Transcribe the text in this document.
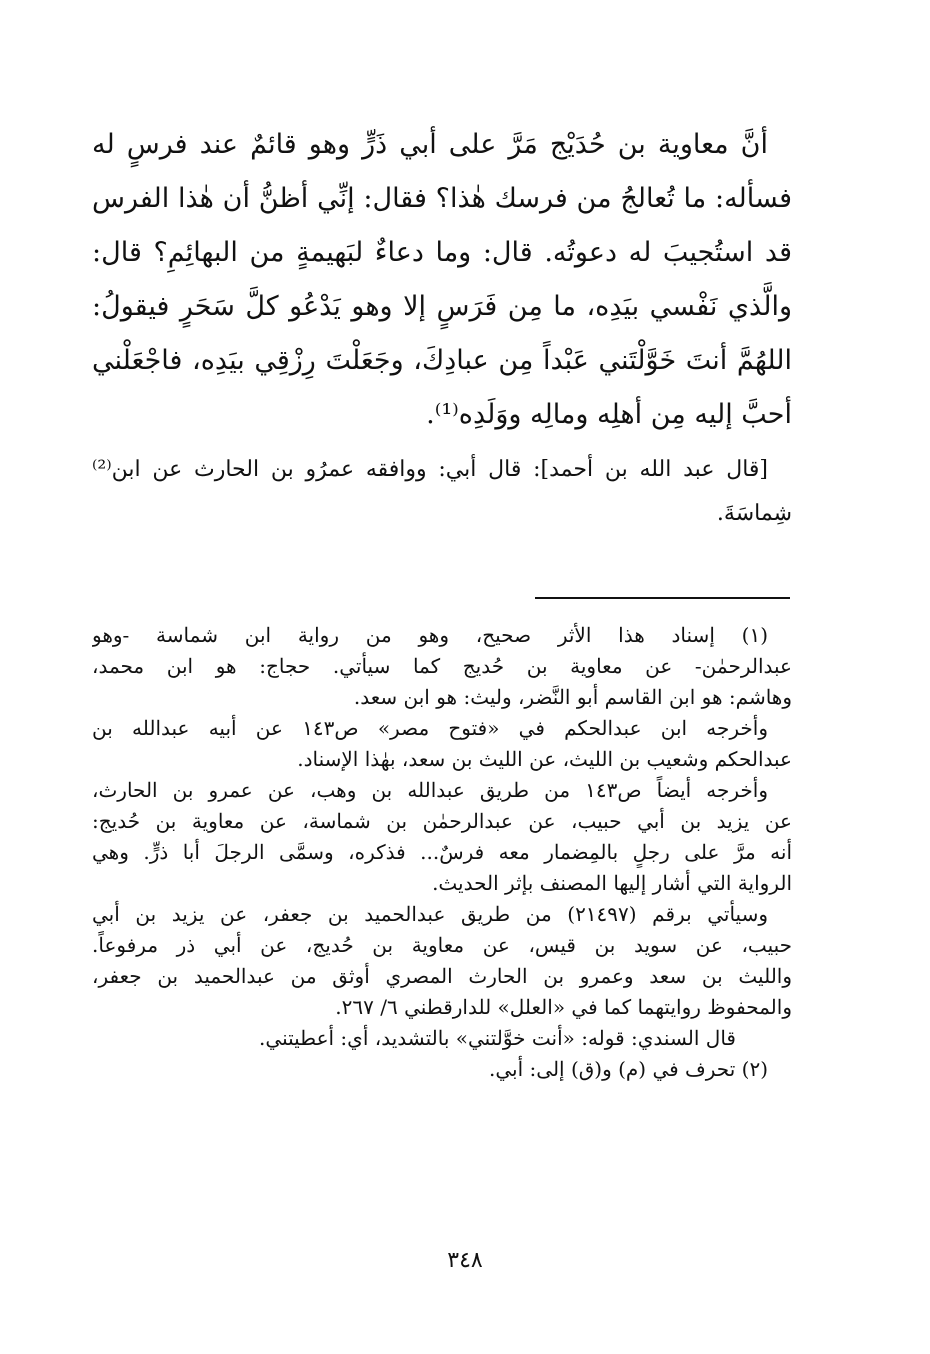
أنَّ معاوية بن حُدَيْج مَرَّ على أبي ذَرٍّ وهو قائمٌ عند فرسٍ له
فسأله: ما تُعالجُ من فرسك هٰذا؟ فقال: إنِّي أظنُّ أن هٰذا الفرس
قد استُجيبَ له دعوتُه. قال: وما دعاءٌ لبَهيمةٍ من البهائِمِ؟ قال:
والَّذي نَفْسي بيَدِه، ما مِن فَرَسٍ إلا وهو يَدْعُو كلَّ سَحَرٍ فيقولُ:
اللهُمَّ أنتَ خَوَّلْتَني عَبْداً مِن عبادِكَ، وجَعَلْتَ رِزْقِي بيَدِه، فاجْعَلْني
أحبَّ إليه مِن أهلِه ومالِه ووَلَدِه⁽¹⁾.
[قال عبد الله بن أحمد]: قال أبي: ووافقه عمرُو بن الحارث عن ابن⁽²⁾
شِماسَةَ.
(١) إسناد هذا الأثر صحيح، وهو من رواية ابن شماسة -وهو
عبدالرحمٰن- عن معاوية بن حُديج كما سيأتي. حجاج: هو ابن محمد،
وهاشم: هو ابن القاسم أبو النَّضر، وليث: هو ابن سعد.
وأخرجه ابن عبدالحكم في «فتوح مصر» ص١٤٣ عن أبيه عبدالله بن
عبدالحكم وشعيب بن الليث، عن الليث بن سعد، بهٰذا الإسناد.
وأخرجه أيضاً ص١٤٣ من طريق عبدالله بن وهب، عن عمرو بن الحارث،
عن يزيد بن أبي حبيب، عن عبدالرحمٰن بن شماسة، عن معاوية بن حُديج:
أنه مرَّ على رجلٍ بالمِضمار معه فرسٌ... فذكره، وسمَّى الرجلَ أبا ذرٍّ. وهي
الرواية التي أشار إليها المصنف بإثر الحديث.
وسيأتي برقم (٢١٤٩٧) من طريق عبدالحميد بن جعفر، عن يزيد بن أبي
حبيب، عن سويد بن قيس، عن معاوية بن حُديج، عن أبي ذر مرفوعاً.
والليث بن سعد وعمرو بن الحارث المصري أوثق من عبدالحميد بن جعفر،
والمحفوظ روايتهما كما في «العلل» للدارقطني ٦/ ٢٦٧.
قال السندي: قوله: «أنت خوَّلتني» بالتشديد، أي: أعطيتني.
(٢) تحرف في (م) و(ق) إلى: أبي.
٣٤٨
